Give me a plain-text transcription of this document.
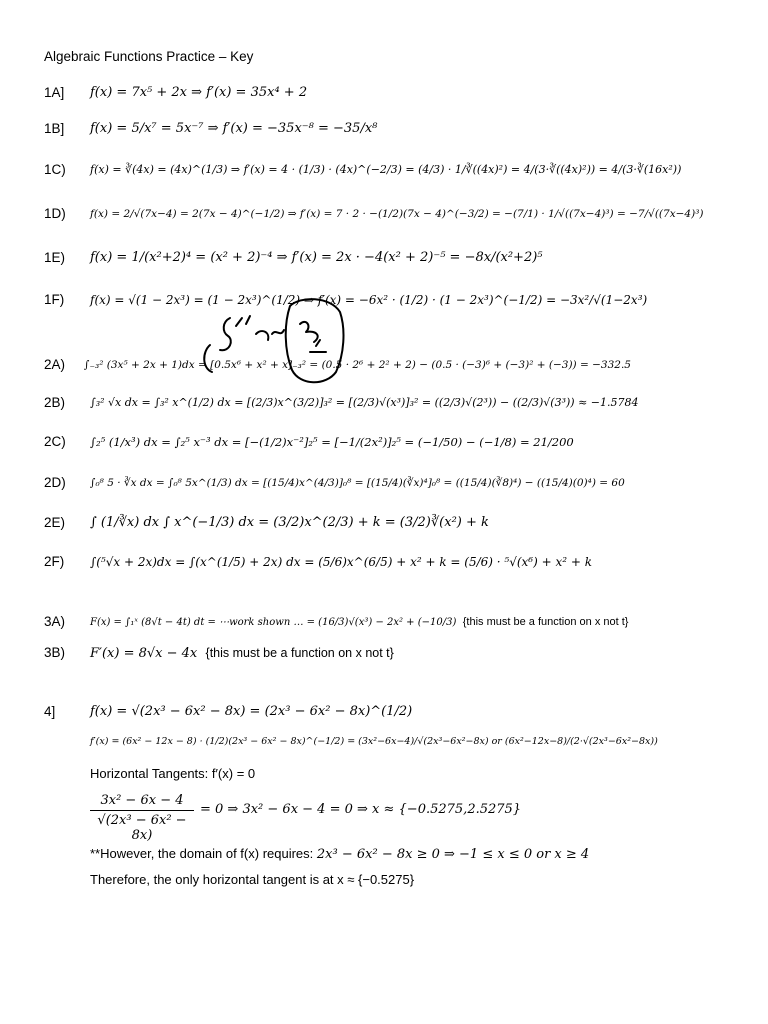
Algebraic Functions Practice – Key
1A] f(x) = 7x⁵ + 2x ⇒ f′(x) = 35x⁴ + 2
1B] f(x) = 5/x⁷ = 5x⁻⁷ ⇒ f′(x) = −35x⁻⁸ = −35/x⁸
1C) f(x) = ∛(4x) = (4x)^(1/3) ⇒ f′(x) = 4 · (1/3) · (4x)^(−2/3) = (4/3) · 1/∛((4x)²) = 4/(3·∛((4x)²)) = 4/(3·∛(16x²))
1D) f(x) = 2/√(7x−4) = 2(7x − 4)^(−1/2) ⇒ f′(x) = 7 · 2 · −(1/2)(7x − 4)^(−3/2) = −(7/1) · 1/√((7x−4)³) = −7/√((7x−4)³)
1E) f(x) = 1/(x²+2)⁴ = (x² + 2)⁻⁴ ⇒ f′(x) = 2x · −4(x² + 2)⁻⁵ = −8x/(x²+2)⁵
1F) f(x) = √(1 − 2x³) = (1 − 2x³)^(1/2) ⇒ f′(x) = −6x² · (1/2) · (1 − 2x³)^(−1/2) = −3x²/√(1−2x³)
2A) ∫₋₃² (3x⁵ + 2x + 1)dx = [0.5x⁶ + x² + x]₋₃² = (0.5 · 2⁶ + 2² + 2) − (0.5 · (−3)⁶ + (−3)² + (−3)) = −332.5
2B) ∫₃² √x dx = ∫₃² x^(1/2) dx = [(2/3)x^(3/2)]₃² = [(2/3)√(x³)]₃² = ((2/3)√(2³)) − ((2/3)√(3³)) ≈ −1.5784
2C) ∫₂⁵ (1/x³) dx = ∫₂⁵ x⁻³ dx = [−(1/2)x⁻²]₂⁵ = [−1/(2x²)]₂⁵ = (−1/50) − (−1/8) = 21/200
2D) ∫₀⁸ 5 · ∛x dx = ∫₀⁸ 5x^(1/3) dx = [(15/4)x^(4/3)]₀⁸ = [(15/4)(∛x)⁴]₀⁸ = ((15/4)(∛8)⁴) − ((15/4)(0)⁴) = 60
2E) ∫ (1/∛x) dx ∫ x^(−1/3) dx = (3/2)x^(2/3) + k = (3/2)∛(x²) + k
2F) ∫(⁵√x + 2x)dx = ∫(x^(1/5) + 2x) dx = (5/6)x^(6/5) + x² + k = (5/6) · ⁵√(x⁶) + x² + k
3A) F(x) = ∫₁ˣ (8√t − 4t) dt = ⋯work shown … = (16/3)√(x³) − 2x² + (−10/3) {this must be a function on x not t}
3B) F′(x) = 8√x − 4x {this must be a function on x not t}
4]	f(x) = √(2x³ − 6x² − 8x) = (2x³ − 6x² − 8x)^(1/2)
f′(x) = (6x² − 12x − 8) · (1/2)(2x³ − 6x² − 8x)^(−1/2) = (3x²−6x−4)/√(2x³−6x²−8x) or (6x²−12x−8)/(2·√(2x³−6x²−8x))
Horizontal Tangents: f′(x) = 0
3x² − 6x − 4
√(2x³ − 6x² − 8x)
= 0 ⇒ 3x² − 6x − 4 = 0 ⇒ x ≈ {−0.5275,2.5275}
**However, the domain of f(x) requires: 2x³ − 6x² − 8x ≥ 0 ⇒ −1 ≤ x ≤ 0 or x ≥ 4
Therefore, the only horizontal tangent is at x ≈ {−0.5275}
